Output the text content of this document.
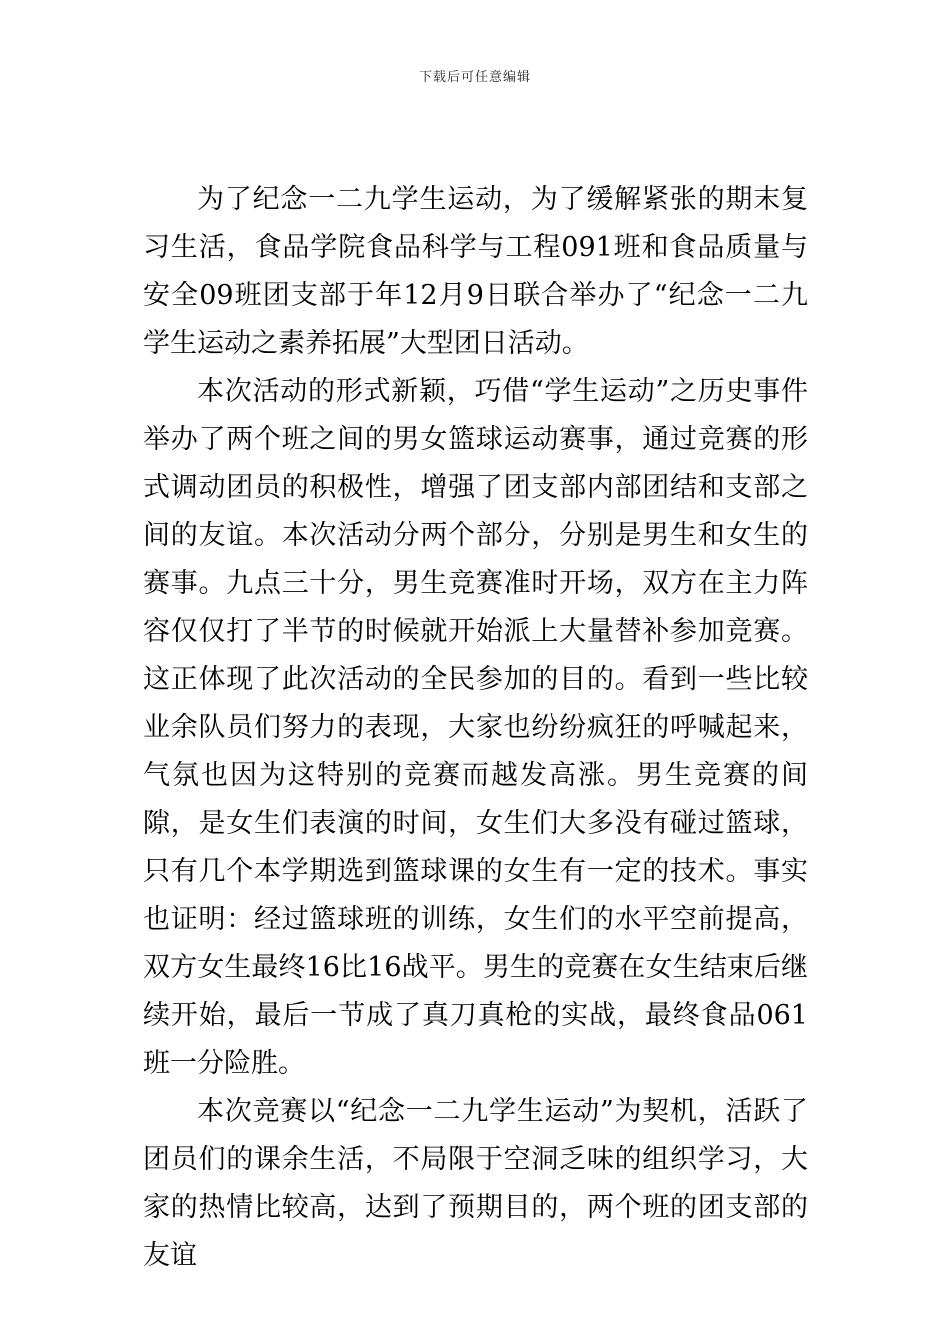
下载后可任意编辑

为了纪念一二九学生运动，为了缓解紧张的期末复习生活，食品学院食品科学与工程091班和食品质量与安全09班团支部于年12月9日联合举办了“纪念一二九学生运动之素养拓展”大型团日活动。

本次活动的形式新颖，巧借“学生运动”之历史事件举办了两个班之间的男女篮球运动赛事，通过竞赛的形式调动团员的积极性，增强了团支部内部团结和支部之间的友谊。本次活动分两个部分，分别是男生和女生的赛事。九点三十分，男生竞赛准时开场，双方在主力阵容仅仅打了半节的时候就开始派上大量替补参加竞赛。这正体现了此次活动的全民参加的目的。看到一些比较业余队员们努力的表现，大家也纷纷疯狂的呼喊起来，气氛也因为这特别的竞赛而越发高涨。男生竞赛的间隙，是女生们表演的时间，女生们大多没有碰过篮球，只有几个本学期选到篮球课的女生有一定的技术。事实也证明：经过篮球班的训练，女生们的水平空前提高，双方女生最终16比16战平。男生的竞赛在女生结束后继续开始，最后一节成了真刀真枪的实战，最终食品061班一分险胜。

本次竞赛以“纪念一二九学生运动”为契机，活跃了团员们的课余生活，不局限于空洞乏味的组织学习，大家的热情比较高，达到了预期目的，两个班的团支部的友谊
